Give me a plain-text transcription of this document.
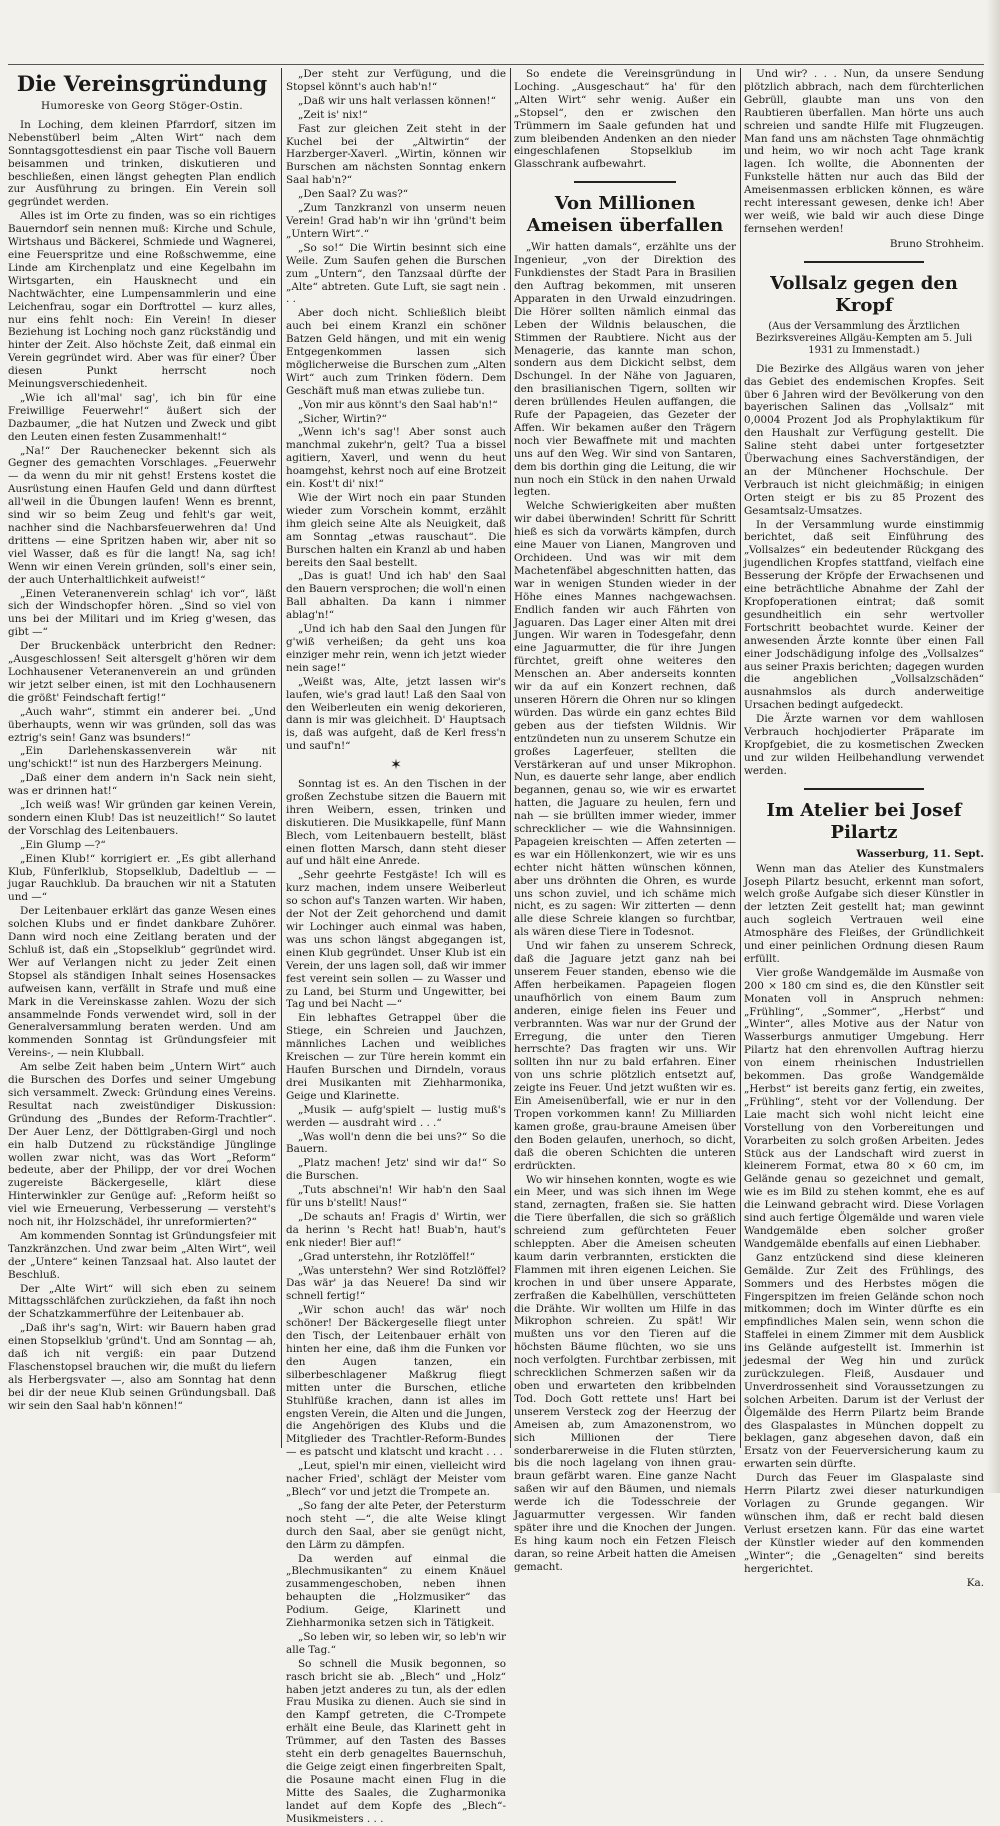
Die Vereinsgründung
Humoreske von Georg Stöger-Ostin.

In Loching, dem kleinen Pfarrdorf, sitzen im Nebenstüberl beim „Alten Wirt“ nach dem Sonntagsgottesdienst ein paar Tische voll Bauern beisammen und trinken, diskutieren und beschließen, einen längst gehegten Plan endlich zur Ausführung zu bringen. Ein Verein soll gegründet werden.

Alles ist im Orte zu finden, was so ein richtiges Bauerndorf sein nennen muß: Kirche und Schule, Wirtshaus und Bäckerei, Schmiede und Wagnerei, eine Feuerspritze und eine Roßschwemme, eine Linde am Kirchenplatz und eine Kegelbahn im Wirtsgarten, ein Hausknecht und ein Nachtwächter, eine Lumpensammlerin und eine Leichenfrau, sogar ein Dorftrottel — kurz alles, nur eins fehlt noch: Ein Verein! In dieser Beziehung ist Loching noch ganz rückständig und hinter der Zeit. Also höchste Zeit, daß einmal ein Verein gegründet wird. Aber was für einer? Über diesen Punkt herrscht noch Meinungsverschiedenheit.

„Wie ich all'mal' sag', ich bin für eine Freiwillige Feuerwehr!“ äußert sich der Dazbaumer, „die hat Nutzen und Zweck und gibt den Leuten einen festen Zusammenhalt!“

„Na!“ Der Rauchenecker bekennt sich als Gegner des gemachten Vorschlages. „Feuerwehr — da wenn du mir nit gehst! Erstens kostet die Ausrüstung einen Haufen Geld und dann dürftest all'weil in die Übungen laufen! Wenn es brennt, sind wir so beim Zeug und fehlt's gar weit, nachher sind die Nachbarsfeuerwehren da! Und drittens — eine Spritzen haben wir, aber nit so viel Wasser, daß es für die langt! Na, sag ich! Wenn wir einen Verein gründen, soll's einer sein, der auch Unterhaltlichkeit aufweist!“

„Einen Veteranenverein schlag' ich vor“, läßt sich der Windschopfer hören. „Sind so viel von uns bei der Militari und im Krieg g'wesen, das gibt —“

Der Bruckenbäck unterbricht den Redner: „Ausgeschlossen! Seit altersgelt g'hören wir dem Lochhausener Veteranenverein an und gründen wir jetzt selber einen, ist mit den Lochhausenern die größt' Feindschaft fertig!“

„Auch wahr“, stimmt ein anderer bei. „Und überhaupts, wenn wir was gründen, soll das was eztrig's sein! Ganz was bsunders!“

„Ein Darlehenskassenverein wär nit ung'schickt!“ ist nun des Harzbergers Meinung.

„Daß einer dem andern in'n Sack nein sieht, was er drinnen hat!“

„Ich weiß was! Wir gründen gar keinen Verein, sondern einen Klub! Das ist neuzeitlich!“ So lautet der Vorschlag des Leitenbauers.

„Ein Glump —?“

„Einen Klub!“ korrigiert er. „Es gibt allerhand Klub, Fünferlklub, Stopselklub, Dadeltlub — — jugar Rauchklub. Da brauchen wir nit a Statuten und —“

Der Leitenbauer erklärt das ganze Wesen eines solchen Klubs und er findet dankbare Zuhörer. Dann wird noch eine Zeitlang beraten und der Schluß ist, daß ein „Stopselklub“ gegründet wird. Wer auf Verlangen nicht zu jeder Zeit einen Stopsel als ständigen Inhalt seines Hosensackes aufweisen kann, verfällt in Strafe und muß eine Mark in die Vereinskasse zahlen. Wozu der sich ansammelnde Fonds verwendet wird, soll in der Generalversammlung beraten werden. Und am kommenden Sonntag ist Gründungsfeier mit Vereins-, — nein Klubball.

Am selbe Zeit haben beim „Untern Wirt“ auch die Burschen des Dorfes und seiner Umgebung sich versammelt. Zweck: Gründung eines Vereins. Resultat nach zweistündiger Diskussion: Gründung des „Bundes der Reform-Trachtler“. Der Auer Lenz, der Döttlgraben-Girgl und noch ein halb Dutzend zu rückständige Jünglinge wollen zwar nicht, was das Wort „Reform“ bedeute, aber der Philipp, der vor drei Wochen zugereiste Bäckergeselle, klärt diese Hinterwinkler zur Genüge auf: „Reform heißt so viel wie Erneuerung, Verbesserung — versteht's noch nit, ihr Holzschädel, ihr unreformierten?“

Am kommenden Sonntag ist Gründungsfeier mit Tanzkränzchen. Und zwar beim „Alten Wirt“, weil der „Untere“ keinen Tanzsaal hat. Also lautet der Beschluß.

Der „Alte Wirt“ will sich eben zu seinem Mittagsschläfchen zurückziehen, da faßt ihn noch der Schatzkammerführe der Leitenbauer ab.

„Daß ihr's sag'n, Wirt: wir Bauern haben grad einen Stopselklub 'gründ't. Und am Sonntag — ah, daß ich nit vergiß: ein paar Dutzend Flaschenstopsel brauchen wir, die mußt du liefern als Herbergsvater —, also am Sonntag hat denn bei dir der neue Klub seinen Gründungsball. Daß wir sein den Saal hab'n können!“

„Der steht zur Verfügung, und die Stopsel könnt's auch hab'n!“

„Daß wir uns halt verlassen können!“

„Zeit is' nix!“

Fast zur gleichen Zeit steht in der Kuchel bei der „Altwirtin“ der Harzberger-Xaverl. „Wirtin, können wir Burschen am nächsten Sonntag enkern Saal hab'n?“

„Den Saal? Zu was?“

„Zum Tanzkranzl von unserm neuen Verein! Grad hab'n wir ihn 'gründ't beim „Untern Wirt“.“

„So so!“ Die Wirtin besinnt sich eine Weile. Zum Saufen gehen die Burschen zum „Untern“, den Tanzsaal dürfte der „Alte“ abtreten. Gute Luft, sie sagt nein . . .

Aber doch nicht. Schließlich bleibt auch bei einem Kranzl ein schöner Batzen Geld hängen, und mit ein wenig Entgegenkommen lassen sich möglicherweise die Burschen zum „Alten Wirt“ auch zum Trinken födern. Dem Geschäft muß man etwas zuliebe tun.

„Von mir aus könnt's den Saal hab'n!“

„Sicher, Wirtin?“

„Wenn ich's sag'! Aber sonst auch manchmal zukehr'n, gelt? Tua a bissel agitiern, Xaverl, und wenn du heut hoamgehst, kehrst noch auf eine Brotzeit ein. Kost't di' nix!“

Wie der Wirt noch ein paar Stunden wieder zum Vorschein kommt, erzählt ihm gleich seine Alte als Neuigkeit, daß am Sonntag „etwas rauschaut“. Die Burschen halten ein Kranzl ab und haben bereits den Saal bestellt.

„Das is guat! Und ich hab' den Saal den Bauern versprochen; die woll'n einen Ball abhalten. Da kann i nimmer ablag'n!“

„Und ich hab den Saal den Jungen für g'wiß verheißen; da geht uns koa einziger mehr rein, wenn ich jetzt wieder nein sage!“

„Weißt was, Alte, jetzt lassen wir's laufen, wie's grad laut! Laß den Saal von den Weiberleuten ein wenig dekorieren, dann is mir was gleichheit. D' Hauptsach is, daß was aufgeht, daß de Kerl fress'n und sauf'n!“

✶

Sonntag ist es. An den Tischen in der großen Zechstube sitzen die Bauern mit ihren Weibern, essen, trinken und diskutieren. Die Musikkapelle, fünf Mann Blech, vom Leitenbauern bestellt, bläst einen flotten Marsch, dann steht dieser auf und hält eine Anrede.

„Sehr geehrte Festgäste! Ich will es kurz machen, indem unsere Weiberleut so schon auf's Tanzen warten. Wir haben, der Not der Zeit gehorchend und damit wir Lochinger auch einmal was haben, was uns schon längst abgegangen ist, einen Klub gegründet. Unser Klub ist ein Verein, der uns lagen soll, daß wir immer fest vereint sein sollen — zu Wasser und zu Land, bei Sturm und Ungewitter, bei Tag und bei Nacht —“

Ein lebhaftes Getrappel über die Stiege, ein Schreien und Jauchzen, männliches Lachen und weibliches Kreischen — zur Türe herein kommt ein Haufen Burschen und Dirndeln, voraus drei Musikanten mit Ziehharmonika, Geige und Klarinette.

„Musik — aufg'spielt — lustig muß's werden — ausdraht wird . . .“

„Was woll'n denn die bei uns?“ So die Bauern.

„Platz machen! Jetz' sind wir da!“ So die Burschen.

„Tuts abschnei'n! Wir hab'n den Saal für uns b'stellt! Naus!“

„De schauts an! Fragis d' Wirtin, wer da herinn 's Recht hat! Buab'n, haut's enk nieder! Bier auf!“

„Grad unterstehn, ihr Rotzlöffel!“

„Was unterstehn? Wer sind Rotzlöffel? Das wär' ja das Neuere! Da sind wir schnell fertig!“

„Wir schon auch! das wär' noch schöner! Der Bäckergeselle fliegt unter den Tisch, der Leitenbauer erhält von hinten her eine, daß ihm die Funken vor den Augen tanzen, ein silberbeschlagener Maßkrug fliegt mitten unter die Burschen, etliche Stuhlfüße krachen, dann ist alles im engsten Verein, die Alten und die Jungen, die Angehörigen des Klubs und die Mitglieder des Trachtler-Reform-Bundes — es patscht und klatscht und kracht . . .

„Leut, spiel'n mir einen, vielleicht wird nacher Fried', schlägt der Meister vom „Blech“ vor und jetzt die Trompete an.

„So fang der alte Peter, der Petersturm noch steht —“, die alte Weise klingt durch den Saal, aber sie genügt nicht, den Lärm zu dämpfen.

Da werden auf einmal die „Blechmusikanten“ zu einem Knäuel zusammengeschoben, neben ihnen behaupten die „Holzmusiker“ das Podium. Geige, Klarinett und Ziehharmonika setzen sich in Tätigkeit.

„So leben wir, so leben wir, so leb'n wir alle Tag.“

So schnell die Musik begonnen, so rasch bricht sie ab. „Blech“ und „Holz“ haben jetzt anderes zu tun, als der edlen Frau Musika zu dienen. Auch sie sind in den Kampf getreten, die C-Trompete erhält eine Beule, das Klarinett geht in Trümmer, auf den Tasten des Basses steht ein derb genageltes Bauernschuh, die Geige zeigt einen fingerbreiten Spalt, die Posaune macht einen Flug in die Mitte des Saales, die Zugharmonika landet auf dem Kopfe des „Blech“-Musikmeisters . . .

So endete die Vereinsgründung in Loching. „Ausgeschaut“ ha' für den „Alten Wirt“ sehr wenig. Außer ein „Stopsel“, den er zwischen den Trümmern im Saale gefunden hat und zum bleibenden Andenken an den nieder eingeschlafenen Stopselklub im Glasschrank aufbewahrt.

Von Millionen Ameisen überfallen

„Wir hatten damals“, erzählte uns der Ingenieur, „von der Direktion des Funkdienstes der Stadt Para in Brasilien den Auftrag bekommen, mit unseren Apparaten in den Urwald einzudringen. Die Hörer sollten nämlich einmal das Leben der Wildnis belauschen, die Stimmen der Raubtiere. Nicht aus der Menagerie, das kannte man schon, sondern aus dem Dickicht selbst, dem Dschungel. In der Nähe von Jaguaren, den brasilianischen Tigern, sollten wir deren brüllendes Heulen auffangen, die Rufe der Papageien, das Gezeter der Affen. Wir bekamen außer den Trägern noch vier Bewaffnete mit und machten uns auf den Weg. Wir sind von Santaren, dem bis dorthin ging die Leitung, die wir nun noch ein Stück in den nahen Urwald legten.

Welche Schwierigkeiten aber mußten wir dabei überwinden! Schritt für Schritt hieß es sich da vorwärts kämpfen, durch eine Mauer von Lianen, Mangroven und Orchideen. Und was wir mit dem Machetenfäbel abgeschnitten hatten, das war in wenigen Stunden wieder in der Höhe eines Mannes nachgewachsen. Endlich fanden wir auch Fährten von Jaguaren. Das Lager einer Alten mit drei Jungen. Wir waren in Todesgefahr, denn eine Jaguarmutter, die für ihre Jungen fürchtet, greift ohne weiteres den Menschen an. Aber anderseits konnten wir da auf ein Konzert rechnen, daß unseren Hörern die Ohren nur so klingen würden. Das würde ein ganz echtes Bild geben aus der tiefsten Wildnis. Wir entzündeten nun zu unserem Schutze ein großes Lagerfeuer, stellten die Verstärkeran auf und unser Mikrophon. Nun, es dauerte sehr lange, aber endlich begannen, genau so, wie wir es erwartet hatten, die Jaguare zu heulen, fern und nah — sie brüllten immer wieder, immer schrecklicher — wie die Wahnsinnigen. Papageien kreischten — Affen zeterten — es war ein Höllenkonzert, wie wir es uns echter nicht hätten wünschen können, aber uns dröhnten die Ohren, es wurde uns schon zuviel, und ich schäme mich nicht, es zu sagen: Wir zitterten — denn alle diese Schreie klangen so furchtbar, als wären diese Tiere in Todesnot.

Und wir fahen zu unserem Schreck, daß die Jaguare jetzt ganz nah bei unserem Feuer standen, ebenso wie die Affen herbeikamen. Papageien flogen unaufhörlich von einem Baum zum anderen, einige fielen ins Feuer und verbrannten. Was war nur der Grund der Erregung, die unter den Tieren herrschte? Das fragten wir uns. Wir sollten ihn nur zu bald erfahren. Einer von uns schrie plötzlich entsetzt auf, zeigte ins Feuer. Und jetzt wußten wir es. Ein Ameisenüberfall, wie er nur in den Tropen vorkommen kann! Zu Milliarden kamen große, grau-braune Ameisen über den Boden gelaufen, unerhoch, so dicht, daß die oberen Schichten die unteren erdrückten.

Wo wir hinsehen konnten, wogte es wie ein Meer, und was sich ihnen im Wege stand, zernagten, fraßen sie. Sie hatten die Tiere überfallen, die sich so gräßlich schreiend zum gefürchteten Feuer schleppten. Aber die Ameisen scheuten kaum darin verbrannten, erstickten die Flammen mit ihren eigenen Leichen. Sie krochen in und über unsere Apparate, zerfraßen die Kabelhüllen, verschütteten die Drähte. Wir wollten um Hilfe in das Mikrophon schreien. Zu spät! Wir mußten uns vor den Tieren auf die höchsten Bäume flüchten, wo sie uns noch verfolgten. Furchtbar zerbissen, mit schrecklichen Schmerzen saßen wir da oben und erwarteten den kribbelnden Tod. Doch Gott rettete uns! Hart bei unserem Versteck zog der Heerzug der Ameisen ab, zum Amazonenstrom, wo sich Millionen der Tiere sonderbarerweise in die Fluten stürzten, bis die noch lagelang von ihnen grau-braun gefärbt waren. Eine ganze Nacht saßen wir auf den Bäumen, und niemals werde ich die Todesschreie der Jaguarmutter vergessen. Wir fanden später ihre und die Knochen der Jungen. Es hing kaum noch ein Fetzen Fleisch daran, so reine Arbeit hatten die Ameisen gemacht.

Und wir? . . . Nun, da unsere Sendung plötzlich abbrach, nach dem fürchterlichen Gebrüll, glaubte man uns von den Raubtieren überfallen. Man hörte uns auch schreien und sandte Hilfe mit Flugzeugen. Man fand uns am nächsten Tage ohnmächtig und heim, wo wir noch acht Tage krank lagen. Ich wollte, die Abonnenten der Funkstelle hätten nur auch das Bild der Ameisenmassen erblicken können, es wäre recht interessant gewesen, denke ich! Aber wer weiß, wie bald wir auch diese Dinge fernsehen werden!

Bruno Strohheim.
Vollsalz gegen den Kropf
(Aus der Versammlung des Ärztlichen Bezirksvereines Allgäu-Kempten am 5. Juli 1931 zu Immenstadt.)

Die Bezirke des Allgäus waren von jeher das Gebiet des endemischen Kropfes. Seit über 6 Jahren wird der Bevölkerung von den bayerischen Salinen das „Vollsalz“ mit 0,0004 Prozent Jod als Prophylaktikum für den Haushalt zur Verfügung gestellt. Die Saline steht dabei unter fortgesetzter Überwachung eines Sachverständigen, der an der Münchener Hochschule. Der Verbrauch ist nicht gleichmäßig; in einigen Orten steigt er bis zu 85 Prozent des Gesamtsalz-Umsatzes.

In der Versammlung wurde einstimmig berichtet, daß seit Einführung des „Vollsalzes“ ein bedeutender Rückgang des jugendlichen Kropfes stattfand, vielfach eine Besserung der Kröpfe der Erwachsenen und eine beträchtliche Abnahme der Zahl der Kropfoperationen eintrat; daß somit gesundheitlich ein sehr wertvoller Fortschritt beobachtet wurde. Keiner der anwesenden Ärzte konnte über einen Fall einer Jodschädigung infolge des „Vollsalzes“ aus seiner Praxis berichten; dagegen wurden die angeblichen „Vollsalzschäden“ ausnahmslos als durch anderweitige Ursachen bedingt aufgedeckt.

Die Ärzte warnen vor dem wahllosen Verbrauch hochjodierter Präparate im Kropfgebiet, die zu kosmetischen Zwecken und zur wilden Heilbehandlung verwendet werden.

Im Atelier bei Josef Pilartz
Wasserburg, 11. Sept.

Wenn man das Atelier des Kunstmalers Joseph Pilartz besucht, erkennt man sofort, welch große Aufgabe sich dieser Künstler in der letzten Zeit gestellt hat; man gewinnt auch sogleich Vertrauen weil eine Atmosphäre des Fleißes, der Gründlichkeit und einer peinlichen Ordnung diesen Raum erfüllt.

Vier große Wandgemälde im Ausmaße von 200 × 180 cm sind es, die den Künstler seit Monaten voll in Anspruch nehmen: „Frühling“, „Sommer“, „Herbst“ und „Winter“, alles Motive aus der Natur von Wasserburgs anmutiger Umgebung. Herr Pilartz hat den ehrenvollen Auftrag hierzu von einem rheinischen Industriellen bekommen. Das große Wandgemälde „Herbst“ ist bereits ganz fertig, ein zweites, „Frühling“, steht vor der Vollendung. Der Laie macht sich wohl nicht leicht eine Vorstellung von den Vorbereitungen und Vorarbeiten zu solch großen Arbeiten. Jedes Stück aus der Landschaft wird zuerst in kleinerem Format, etwa 80 × 60 cm, im Gelände genau so gezeichnet und gemalt, wie es im Bild zu stehen kommt, ehe es auf die Leinwand gebracht wird. Diese Vorlagen sind auch fertige Ölgemälde und waren viele Wandgemälde eben solcher großer Wandgemälde ebenfalls auf einen Liebhaber.

Ganz entzückend sind diese kleineren Gemälde. Zur Zeit des Frühlings, des Sommers und des Herbstes mögen die Fingerspitzen im freien Gelände schon noch mitkommen; doch im Winter dürfte es ein empfindliches Malen sein, wenn schon die Staffelei in einem Zimmer mit dem Ausblick ins Gelände aufgestellt ist. Immerhin ist jedesmal der Weg hin und zurück zurückzulegen. Fleiß, Ausdauer und Unverdrossenheit sind Voraussetzungen zu solchen Arbeiten. Darum ist der Verlust der Ölgemälde des Herrn Pilartz beim Brande des Glaspalastes in München doppelt zu beklagen, ganz abgesehen davon, daß ein Ersatz von der Feuerversicherung kaum zu erwarten sein dürfte.

Durch das Feuer im Glaspalaste sind Herrn Pilartz zwei dieser naturkundigen Vorlagen zu Grunde gegangen. Wir wünschen ihm, daß er recht bald diesen Verlust ersetzen kann. Für das eine wartet der Künstler wieder auf den kommenden „Winter“; die „Genagelten“ sind bereits hergerichtet.

Ka.
